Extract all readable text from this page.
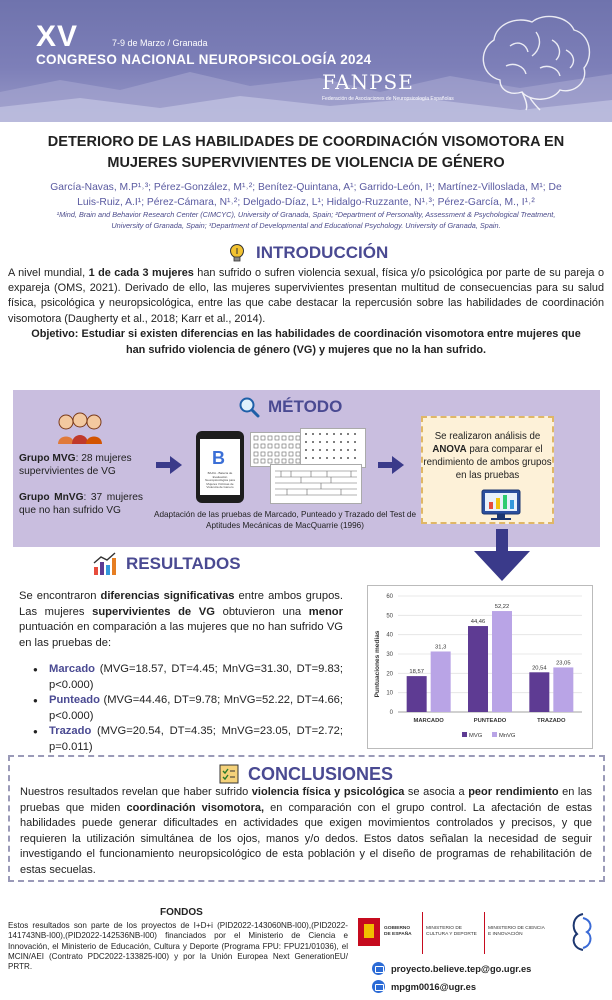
XV	7-9 de Marzo / Granada
CONGRESO NACIONAL NEUROPSICOLOGÍA 2024
FANPSE
Federación de Asociaciones de Neuropsicología Españolas
DETERIORO DE LAS HABILIDADES DE COORDINACIÓN VISOMOTORA EN
MUJERES SUPERVIVIENTES DE VIOLENCIA DE GÉNERO
García-Navas, M.P¹˒³; Pérez-González, M¹˒²; Benítez-Quintana, A¹; Garrido-León, I¹; Martínez-Villoslada, M¹; De
Luis-Ruiz, A.I¹; Pérez-Cámara, N¹˒²; Delgado-Díaz, L¹; Hidalgo-Ruzzante, N¹˒³; Pérez-García, M., I¹˒²
¹Mind, Brain and Behavior Research Center (CIMCYC), University of Granada, Spain; ²Department of Personality, Assessment & Psychological Treatment,
University of Granada, Spain; ³Department of Developmental and Educational Psychology. University of Granada, Spain.
INTRODUCCIÓN
A nivel mundial, 1 de cada 3 mujeres han sufrido o sufren violencia sexual, física y/o psicológica por parte de su pareja o expareja (OMS, 2021). Derivado de ello, las mujeres supervivientes presentan multitud de consecuencias para su salud física, psicológica y neuropsicológica, entre las que cabe destacar la repercusión sobre las habilidades de coordinación visomotora (Daugherty et al., 2018; Karr et al., 2014).
Objetivo: Estudiar si existen diferencias en las habilidades de coordinación visomotora entre mujeres que han sufrido violencia de género (VG) y mujeres que no la han sufrido.
MÉTODO
Grupo MVG: 28 mujeres supervivientes de VG
Grupo MnVG: 37 mujeres que no han sufrido VG
B
BAJIA - Batería de Evaluación Neuropsicológica para Mujeres Víctimas de Violencia de Género
Adaptación de las pruebas de Marcado, Punteado y Trazado del Test de Aptitudes Mecánicas de MacQuarrie (1996)
Se realizaron análisis de ANOVA para comparar el rendimiento de ambos grupos en las pruebas
RESULTADOS
Se encontraron diferencias significativas entre ambos grupos. Las mujeres supervivientes de VG obtuvieron una menor puntuación en comparación a las mujeres que no han sufrido VG en las pruebas de:
● Marcado (MVG=18.57, DT=4.45; MnVG=31.30, DT=9.83; p<0.000)
● Punteado (MVG=44.46, DT=9.78; MnVG=52.22, DT=4.66; p<0.000)
● Trazado (MVG=20.54, DT=4.35; MnVG=23.05, DT=2.72; p=0.011)
0
10
20
30
40
50
60
18,57
31,3
44,46
52,22
20,54
23,05
MARCADO	PUNTEADO	TRAZADO
MVG	MnVG
Puntuaciones medias
CONCLUSIONES
Nuestros resultados revelan que haber sufrido violencia física y psicológica se asocia a peor rendimiento en las pruebas que miden coordinación visomotora, en comparación con el grupo control. La afectación de estas habilidades puede generar dificultades en actividades que exigen movimientos controlados y precisos, y que requieren la utilización simultánea de los ojos, manos y/o dedos. Estos datos señalan la necesidad de seguir investigando el funcionamiento neuropsicológico de esta población y el diseño de programas de rehabilitación de estas secuelas.
FONDOS
Estos resultados son parte de los proyectos de I+D+i (PID2022-143060NB-I00),(PID2022-141743NB-I00),(PID2022-142536NB-I00) financiados por el Ministerio de Ciencia e Innovación, el Ministerio de Educación, Cultura y Deporte (Programa FPU: FPU21/01036), el MCIN/AEI (Contrato PDC2022-133825-I00) y por la Unión Europea Next GenerationEU/ PRTR.
GOBIERNO DE ESPAÑA
MINISTERIO DE CULTURA Y DEPORTE
MINISTERIO DE CIENCIA E INNOVACIÓN
proyecto.believe.tep@go.ugr.es
mpgm0016@ugr.es
